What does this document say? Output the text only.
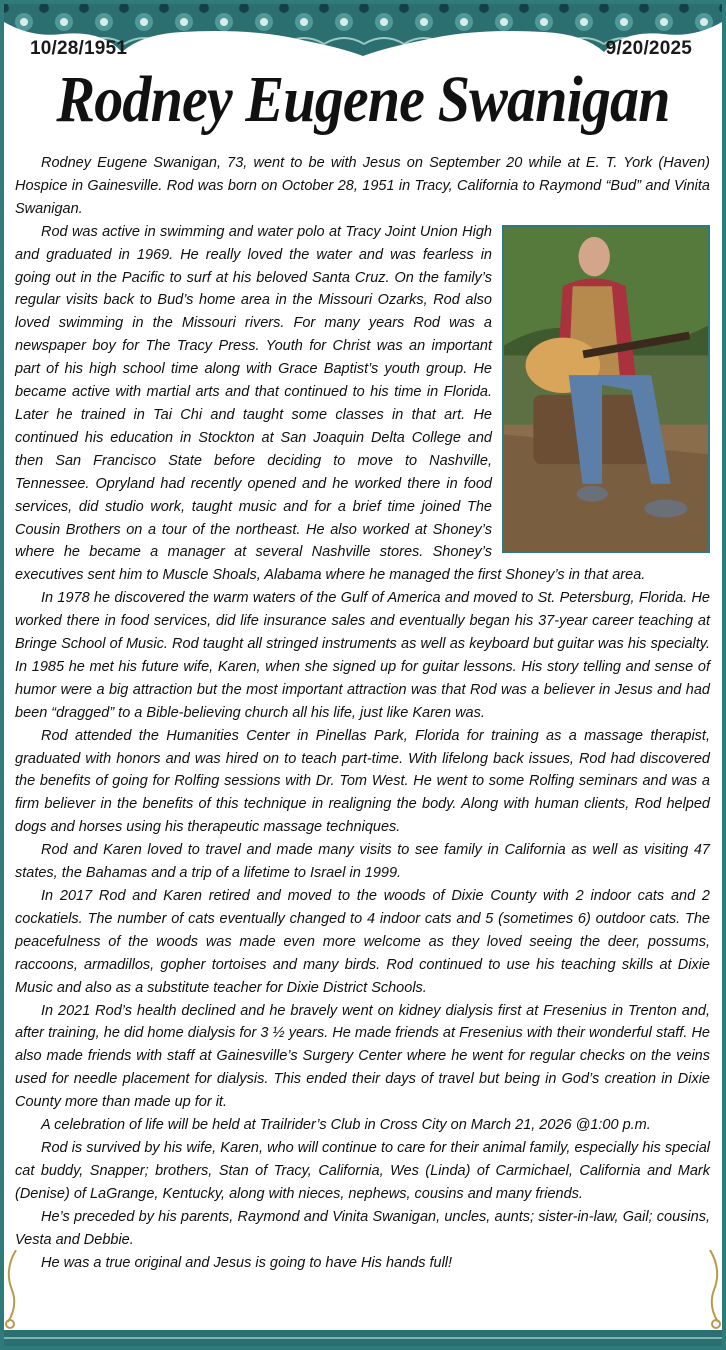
10/28/1951	9/20/2025
Rodney Eugene Swanigan

Rodney Eugene Swanigan, 73, went to be with Jesus on September 20 while at E. T. York (Haven) Hospice in Gainesville. Rod was born on October 28, 1951 in Tracy, California to Raymond “Bud” and Vinita Swanigan.

Rod was active in swimming and water polo at Tracy Joint Union High and graduated in 1969. He really loved the water and was fearless in going out in the Pacific to surf at his beloved Santa Cruz. On the family’s regular visits back to Bud’s home area in the Missouri Ozarks, Rod also loved swimming in the Missouri rivers. For many years Rod was a newspaper boy for The Tracy Press. Youth for Christ was an important part of his high school time along with Grace Baptist’s youth group. He became active with martial arts and that continued to his time in Florida. Later he trained in Tai Chi and taught some classes in that art. He continued his education in Stockton at San Joaquin Delta College and then San Francisco State before deciding to move to Nashville, Tennessee. Opryland had recently opened and he worked there in food services, did studio work, taught music and for a brief time joined The Cousin Brothers on a tour of the northeast. He also worked at Shoney’s where he became a manager at several Nashville stores. Shoney’s executives sent him to Muscle Shoals, Alabama where he managed the first Shoney’s in that area.

In 1978 he discovered the warm waters of the Gulf of America and moved to St. Petersburg, Florida. He worked there in food services, did life insurance sales and eventually began his 37-year career teaching at Bringe School of Music. Rod taught all stringed instruments as well as keyboard but guitar was his specialty. In 1985 he met his future wife, Karen, when she signed up for guitar lessons. His story telling and sense of humor were a big attraction but the most important attraction was that Rod was a believer in Jesus and had been “dragged” to a Bible-believing church all his life, just like Karen was.

Rod attended the Humanities Center in Pinellas Park, Florida for training as a massage therapist, graduated with honors and was hired on to teach part-time. With lifelong back issues, Rod had discovered the benefits of going for Rolfing sessions with Dr. Tom West. He went to some Rolfing seminars and was a firm believer in the benefits of this technique in realigning the body. Along with human clients, Rod helped dogs and horses using his therapeutic massage techniques.

Rod and Karen loved to travel and made many visits to see family in California as well as visiting 47 states, the Bahamas and a trip of a lifetime to Israel in 1999.

In 2017 Rod and Karen retired and moved to the woods of Dixie County with 2 indoor cats and 2 cockatiels. The number of cats eventually changed to 4 indoor cats and 5 (sometimes 6) outdoor cats. The peacefulness of the woods was made even more welcome as they loved seeing the deer, possums, raccoons, armadillos, gopher tortoises and many birds. Rod continued to use his teaching skills at Dixie Music and also as a substitute teacher for Dixie District Schools.

In 2021 Rod’s health declined and he bravely went on kidney dialysis first at Fresenius in Trenton and, after training, he did home dialysis for 3 ½ years. He made friends at Fresenius with their wonderful staff. He also made friends with staff at Gainesville’s Surgery Center where he went for regular checks on the veins used for needle placement for dialysis. This ended their days of travel but being in God’s creation in Dixie County more than made up for it.

A celebration of life will be held at Trailrider’s Club in Cross City on March 21, 2026 @1:00 p.m.

Rod is survived by his wife, Karen, who will continue to care for their animal family, especially his special cat buddy, Snapper; brothers, Stan of Tracy, California, Wes (Linda) of Carmichael, California and Mark (Denise) of LaGrange, Kentucky, along with nieces, nephews, cousins and many friends.

He’s preceded by his parents, Raymond and Vinita Swanigan, uncles, aunts; sister-in-law, Gail; cousins, Vesta and Debbie.

He was a true original and Jesus is going to have His hands full!
